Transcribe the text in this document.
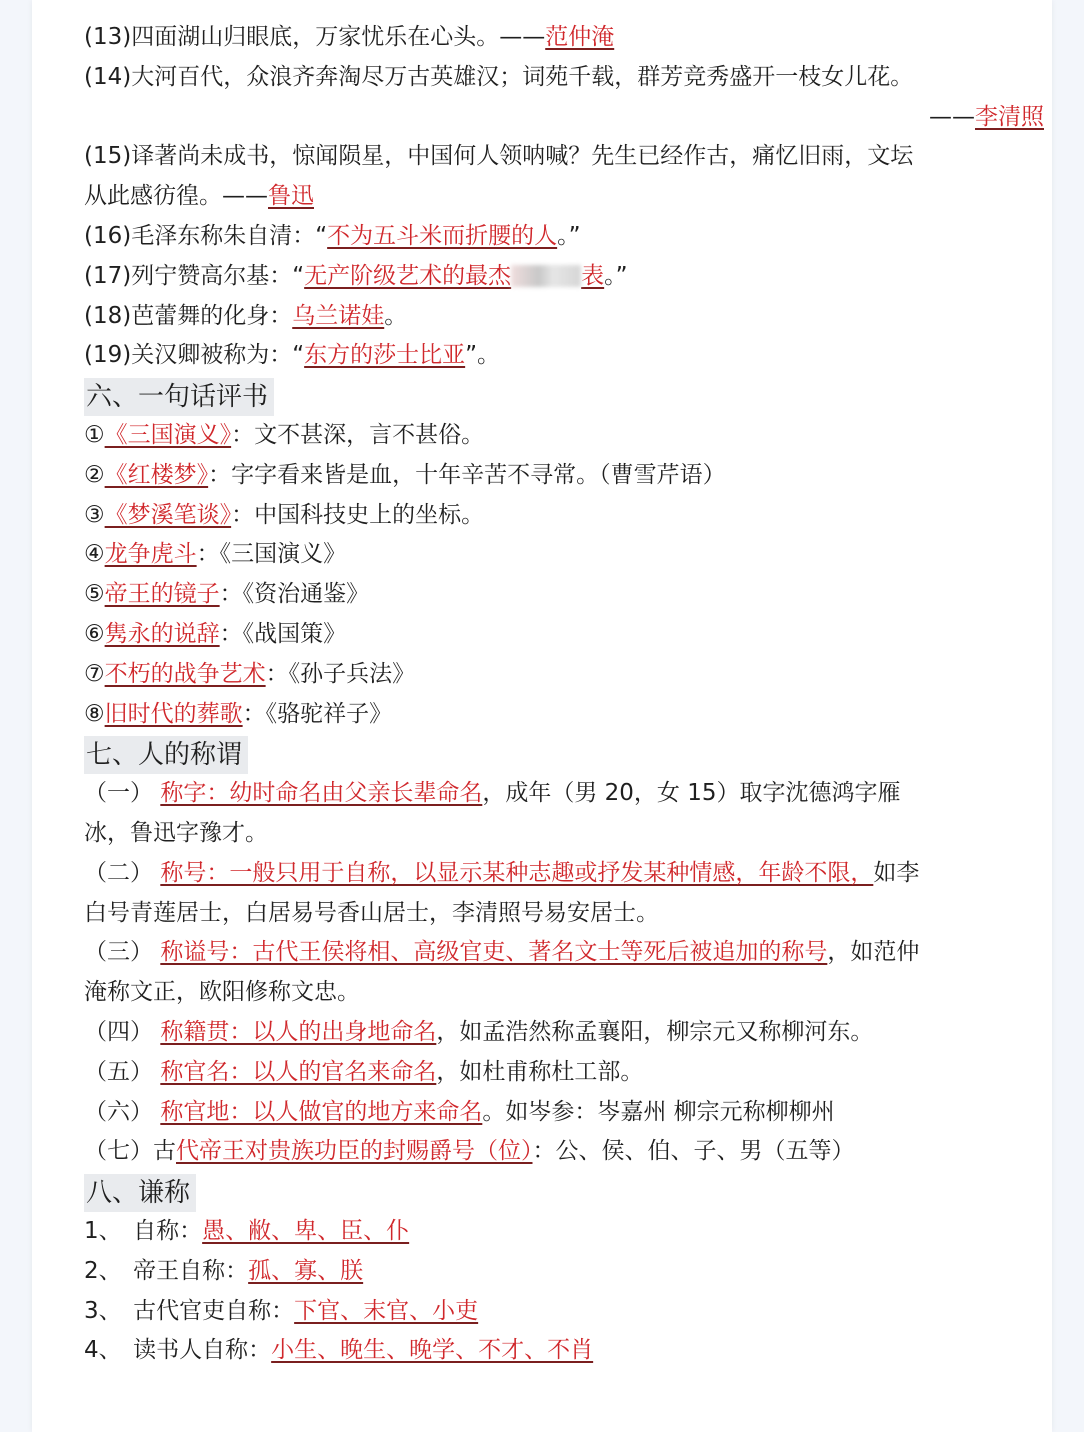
(13)四面湖山归眼底，万家忧乐在心头。——范仲淹
(14)大河百代，众浪齐奔淘尽万古英雄汉；词苑千载，群芳竞秀盛开一枝女儿花。
——李清照
(15)译著尚未成书，惊闻陨星，中国何人领呐喊？先生已经作古，痛忆旧雨，文坛
从此感彷徨。——鲁迅
(16)毛泽东称朱自清：“不为五斗米而折腰的人。”
(17)列宁赞高尔基：“无产阶级艺术的最杰	表。”
(18)芭蕾舞的化身：乌兰诺娃。
(19)关汉卿被称为：“东方的莎士比亚”。
六、一句话评书
①《三国演义》：文不甚深，言不甚俗。
②《红楼梦》：字字看来皆是血，十年辛苦不寻常。（曹雪芹语）
③《梦溪笔谈》：中国科技史上的坐标。
④龙争虎斗：《三国演义》
⑤帝王的镜子：《资治通鉴》
⑥隽永的说辞：《战国策》
⑦不朽的战争艺术：《孙子兵法》
⑧旧时代的葬歌：《骆驼祥子》
七、人的称谓
（一） 称字：幼时命名由父亲长辈命名，成年（男 20，女 15）取字沈德鸿字雁
冰，鲁迅字豫才。
（二） 称号：一般只用于自称，以显示某种志趣或抒发某种情感，年龄不限，如李
白号青莲居士，白居易号香山居士，李清照号易安居士。
（三） 称谥号：古代王侯将相、高级官吏、著名文士等死后被追加的称号，如范仲
淹称文正，欧阳修称文忠。
（四） 称籍贯：以人的出身地命名，如孟浩然称孟襄阳，柳宗元又称柳河东。
（五） 称官名：以人的官名来命名，如杜甫称杜工部。
（六） 称官地：以人做官的地方来命名。如岑参：岑嘉州 柳宗元称柳柳州
（七）古代帝王对贵族功臣的封赐爵号（位）：公、侯、伯、子、男（五等）
八、谦称
1、　自称：愚、敝、卑、臣、仆
2、　帝王自称：孤、寡、朕
3、　古代官吏自称：下官、末官、小吏
4、　读书人自称：小生、晚生、晚学、不才、不肖
